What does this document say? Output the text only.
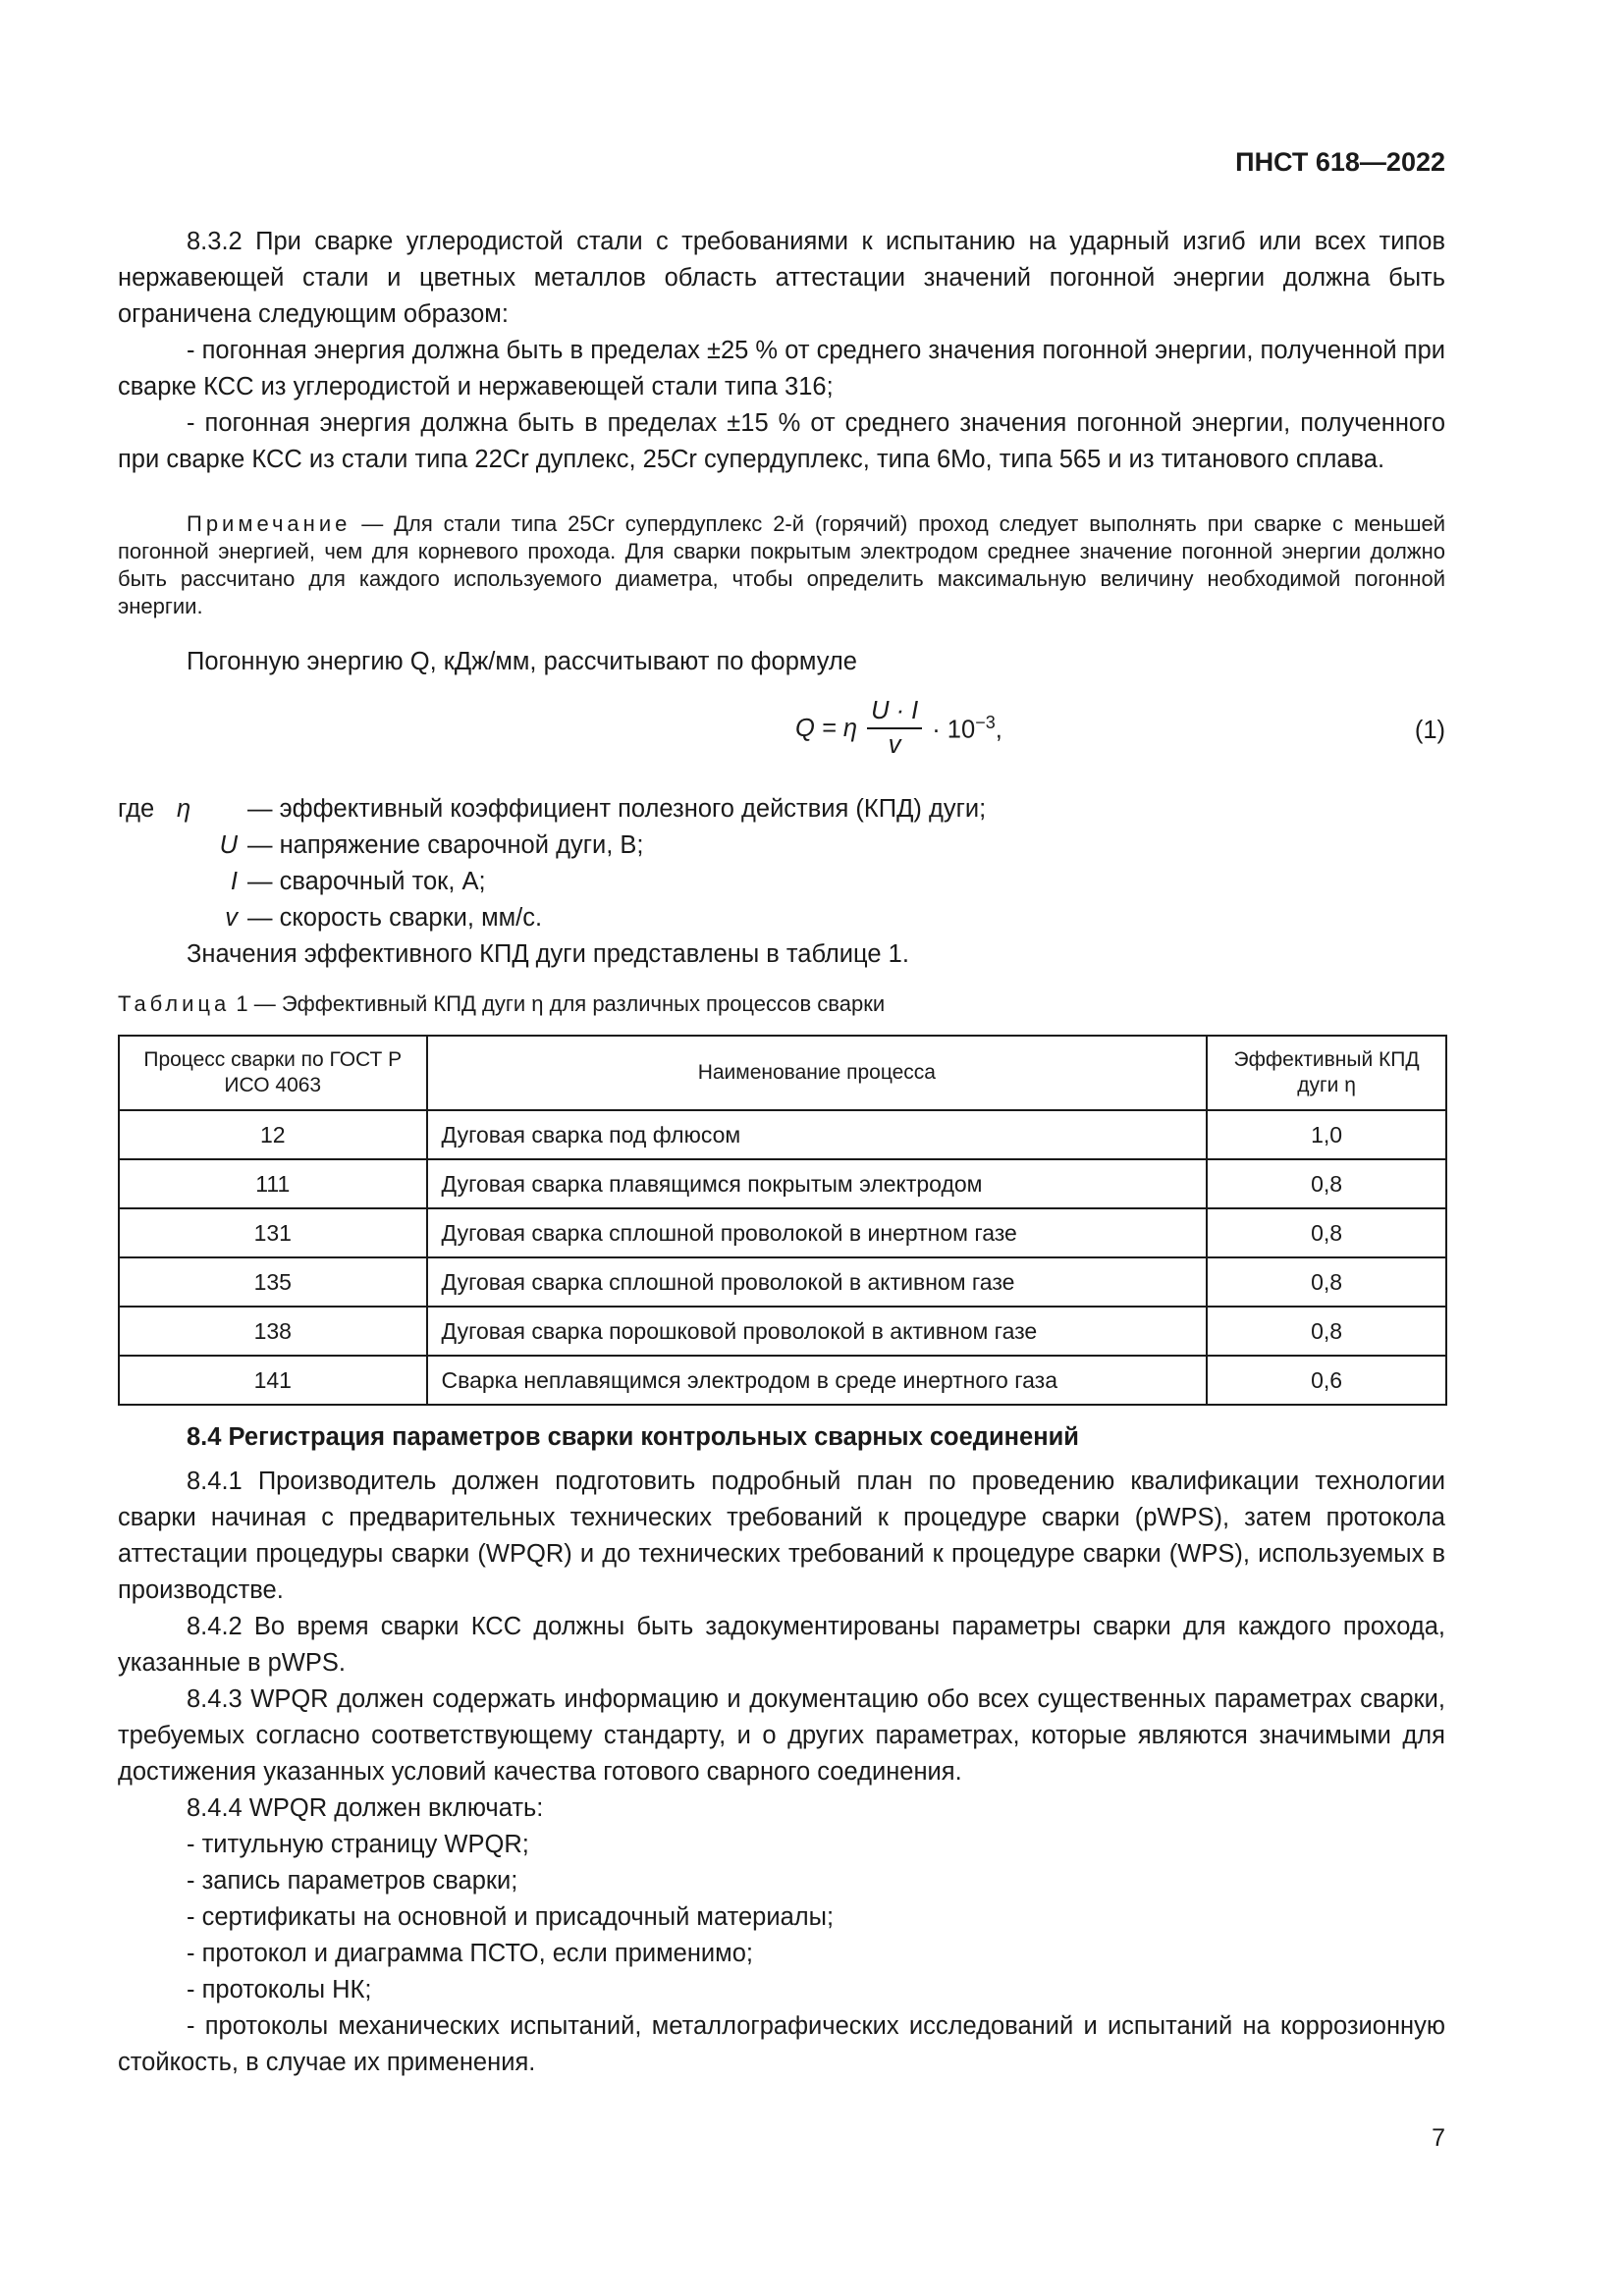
ПНСТ 618—2022

8.3.2 При сварке углеродистой стали с требованиями к испытанию на ударный изгиб или всех типов нержавеющей стали и цветных металлов область аттестации значений погонной энергии должна быть ограничена следующим образом:

- погонная энергия должна быть в пределах ±25 % от среднего значения погонной энергии, полученной при сварке КСС из углеродистой и нержавеющей стали типа 316;

- погонная энергия должна быть в пределах ±15 % от среднего значения погонной энергии, полученного при сварке КСС из стали типа 22Cr дуплекс, 25Cr супердуплекс, типа 6Mo, типа 565 и из титанового сплава.

Примечание — Для стали типа 25Cr супердуплекс 2-й (горячий) проход следует выполнять при сварке с меньшей погонной энергией, чем для корневого прохода. Для сварки покрытым электродом среднее значение погонной энергии должно быть рассчитано для каждого используемого диаметра, чтобы определить максимальную величину необходимой погонной энергии.

Погонную энергию Q, кДж/мм, рассчитывают по формуле

Q = η $\frac{U \cdot I}{v} \cdot 10^{-3}$,	(1)
где η	— эффективный коэффициент полезного действия (КПД) дуги;
U — напряжение сварочной дуги, В;
I — сварочный ток, А;
v — скорость сварки, мм/с.

Значения эффективного КПД дуги представлены в таблице 1.

Таблица 1 — Эффективный КПД дуги η для различных процессов сварки
Процесс сварки по ГОСТ Р ИСО 4063	Наименование процесса	Эффективный КПД дуги η
12	Дуговая сварка под флюсом	1,0
111	Дуговая сварка плавящимся покрытым электродом	0,8
131	Дуговая сварка сплошной проволокой в инертном газе	0,8
135	Дуговая сварка сплошной проволокой в активном газе	0,8
138	Дуговая сварка порошковой проволокой в активном газе	0,8
141	Сварка неплавящимся электродом в среде инертного газа	0,6

8.4 Регистрация параметров сварки контрольных сварных соединений

8.4.1 Производитель должен подготовить подробный план по проведению квалификации технологии сварки начиная с предварительных технических требований к процедуре сварки (pWPS), затем протокола аттестации процедуры сварки (WPQR) и до технических требований к процедуре сварки (WPS), используемых в производстве.

8.4.2 Во время сварки КСС должны быть задокументированы параметры сварки для каждого прохода, указанные в pWPS.

8.4.3 WPQR должен содержать информацию и документацию обо всех существенных параметрах сварки, требуемых согласно соответствующему стандарту, и о других параметрах, которые являются значимыми для достижения указанных условий качества готового сварного соединения.

8.4.4 WPQR должен включать:

- титульную страницу WPQR;

- запись параметров сварки;

- сертификаты на основной и присадочный материалы;

- протокол и диаграмма ПСТО, если применимо;

- протоколы НК;

- протоколы механических испытаний, металлографических исследований и испытаний на коррозионную стойкость, в случае их применения.

7
